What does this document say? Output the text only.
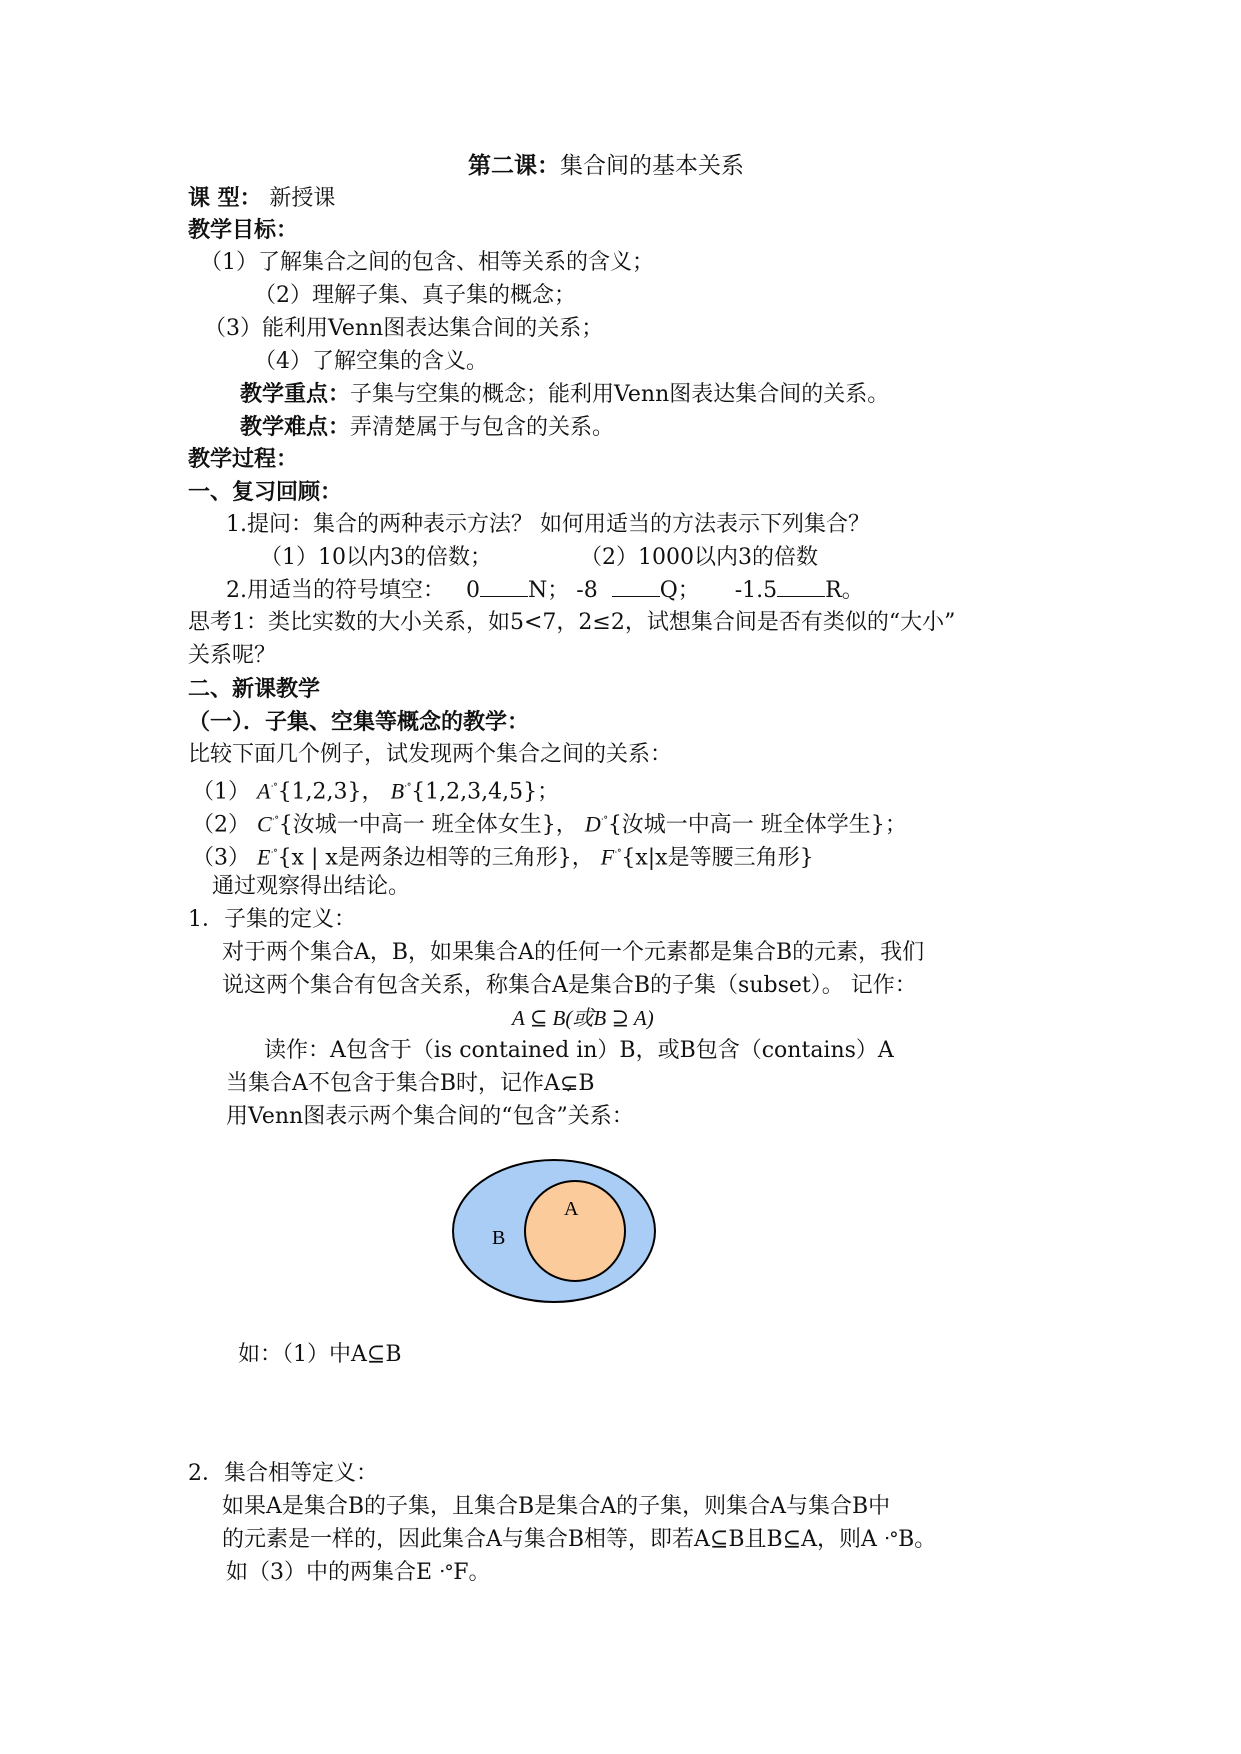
第二课：集合间的基本关系
课 型： 新授课
教学目标：
（1）了解集合之间的包含、相等关系的含义；
（2）理解子集、真子集的概念；
（3）能利用Venn图表达集合间的关系；
（4）了解空集的含义。
教学重点：子集与空集的概念；能利用Venn图表达集合间的关系。
教学难点：弄清楚属于与包含的关系。
教学过程：
一、复习回顾：
1.提问：集合的两种表示方法？ 如何用适当的方法表示下列集合？
（1）10以内3的倍数；	（2）1000以内3的倍数
2.用适当的符号填空： 0 N； -8	Q； -1.5 R。
思考1：类比实数的大小关系，如5<7，2≤2，试想集合间是否有类似的“大小”
关系呢？
二、新课教学
（一）．子集、空集等概念的教学：
比较下面几个例子，试发现两个集合之间的关系：
（1） $A^{ᐧᐤ}\{1,2,3\}$， $B^{ᐧᐤ}\{1,2,3,4,5\}$；
（2） $C^{ᐧᐤ}${汝城一中高一 班全体女生}， $D^{ᐧᐤ}${汝城一中高一 班全体学生}；
（3） $E^{ᐧᐤ}\{x$ | x是两条边相等的三角形}， $F^{ᐧᐤ}\{x|x$是等腰三角形}
通过观察得出结论。
1．子集的定义：
对于两个集合A，B，如果集合A的任何一个元素都是集合B的元素，我们
说这两个集合有包含关系，称集合A是集合B的子集（subset）。 记作：
A ⊆ B(或B ⊇ A)
读作：A包含于（is contained in）B，或B包含（contains）A
当集合A不包含于集合B时，记作A⊊B
用Venn图表示两个集合间的“包含”关系：
B
A
如：（1）中A⊆B
2．集合相等定义：
如果A是集合B的子集，且集合B是集合A的子集，则集合A与集合B中
的元素是一样的，因此集合A与集合B相等，即若A⊆B且B⊆A，则A ᐧᐤB。
如（3）中的两集合E ᐧᐤF。
